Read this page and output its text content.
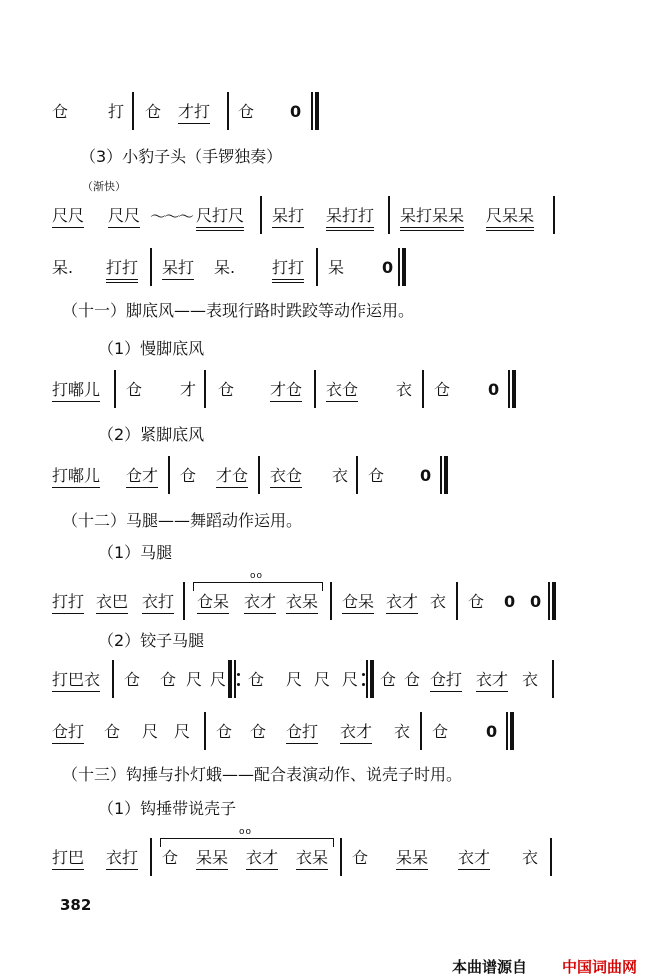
仓 打 仓 才打 仓 0
（3）小豹子头（手锣独奏）
（渐快）
尺尺 尺尺 ～～～ 尺打尺 呆打 呆打打 呆打呆呆 尺呆呆
呆. 打打 呆打 呆. 打打 呆 0
（十一）脚底风——表现行路时跌跤等动作运用。
（1）慢脚底风
打嘟儿 仓 才 仓 才仓 衣仓 衣 仓 0
（2）紧脚底风
打嘟儿 仓才 仓 才仓 衣仓 衣 仓 0
（十二）马腿——舞蹈动作运用。
（1）马腿
打打 衣巴 衣打
oo
仓呆 衣才 衣呆 仓呆 衣才 衣 仓 0 0
（2）铰子马腿
打巴衣 仓 仓 尺 尺 仓 尺 尺 尺 仓 仓 仓打 衣才 衣
仓打 仓 尺 尺 仓 仓 仓打 衣才 衣 仓 0
（十三）钩捶与扑灯蛾——配合表演动作、说壳子时用。
（1）钩捶带说壳子
打巴 衣打
oo
仓 呆呆 衣才 衣呆 仓 呆呆 衣才 衣
382
本曲谱源自 中国词曲网
